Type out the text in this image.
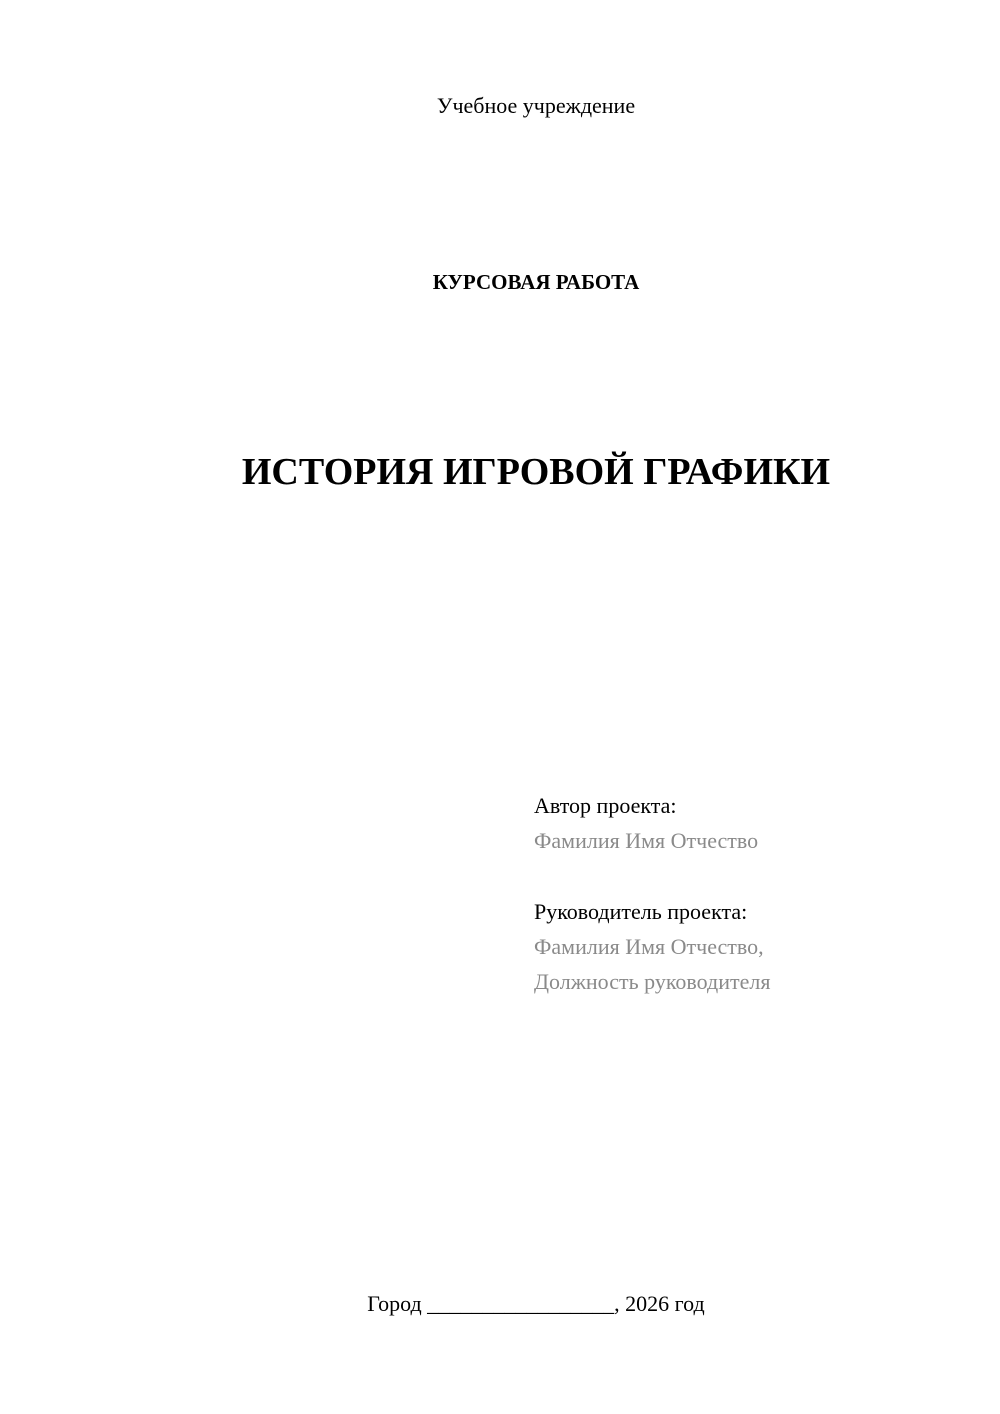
Учебное учреждение
КУРСОВАЯ РАБОТА
ИСТОРИЯ ИГРОВОЙ ГРАФИКИ
Автор проекта:
Фамилия Имя Отчество
Руководитель проекта:
Фамилия Имя Отчество,
Должность руководителя
Город _________________, 2026 год
